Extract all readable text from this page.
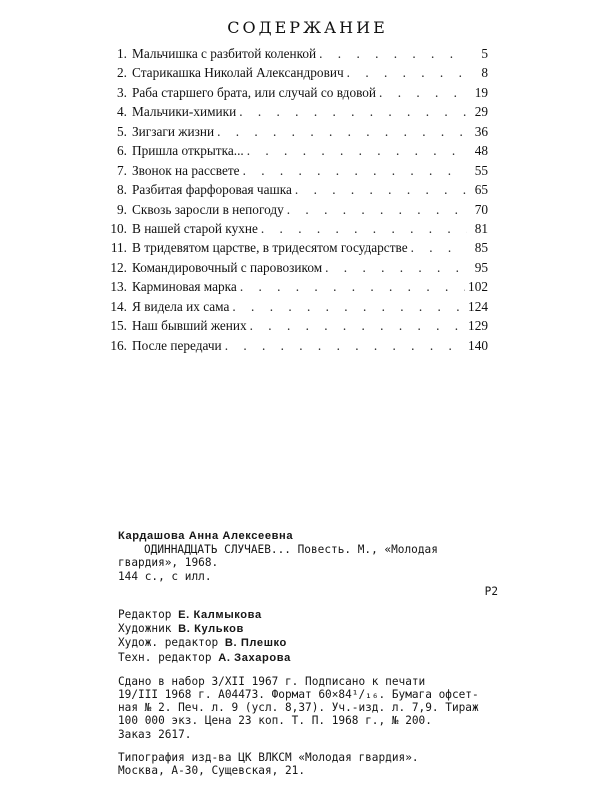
СОДЕРЖАНИЕ
1. Мальчишка с разбитой коленкой . . .	5
2. Старикашка Николай Александрович . . .	8
3. Раба старшего брата, или случай со вдовой . . .	19
4. Мальчики-химики . . .	29
5. Зигзаги жизни . . .	36
6. Пришла открытка... . . .	48
7. Звонок на рассвете . . .	55
8. Разбитая фарфоровая чашка . . .	65
9. Сквозь заросли в непогоду . . .	70
10. В нашей старой кухне . . .	81
11. В тридевятом царстве, в тридесятом государстве . . .	85
12. Командировочный с паровозиком . . .	95
13. Карминовая марка . . .	102
14. Я видела их сама . . .	124
15. Наш бывший жених . . .	129
16. После передачи . . .	140
Кардашова Анна Алексеевна
ОДИННАДЦАТЬ СЛУЧАЕВ... Повесть. М., «Молодая
гвардия», 1968.
144 с., с илл.
Р2
Редактор Е. Калмыкова
Художник В. Кульков
Худож. редактор В. Плешко
Техн. редактор А. Захарова
Сдано в набор 3/XII 1967 г. Подписано к печати
19/III 1968 г. А04473. Формат 60×84¹/₁₆. Бумага офсет-
ная № 2. Печ. л. 9 (усл. 8,37). Уч.-изд. л. 7,9. Тираж
100 000 экз. Цена 23 коп. Т. П. 1968 г., № 200.
Заказ 2617.
Типография изд-ва ЦК ВЛКСМ «Молодая гвардия».
Москва, А-30, Сущевская, 21.
